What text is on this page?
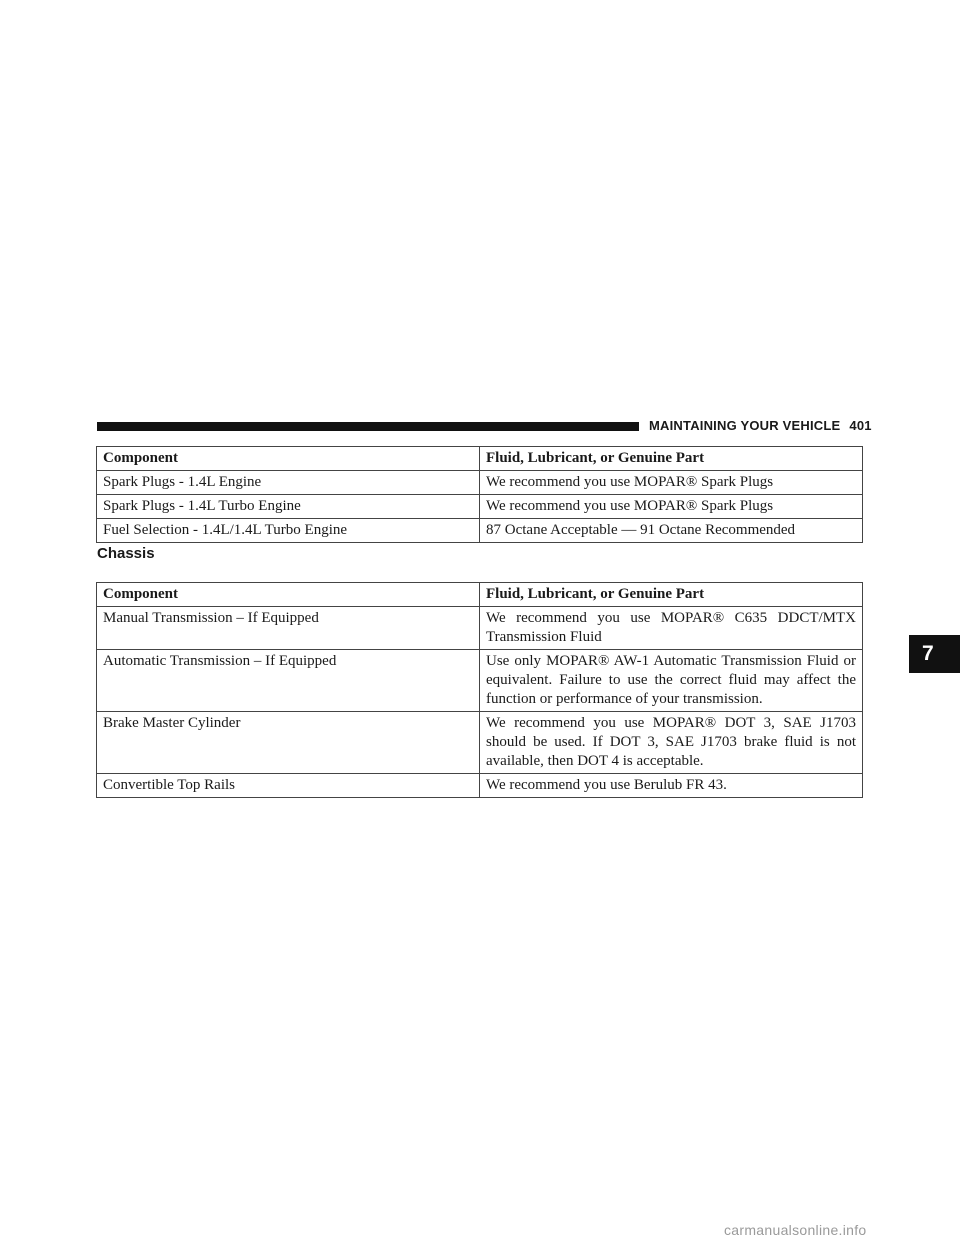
MAINTAINING YOUR VEHICLE 401
Component	Fluid, Lubricant, or Genuine Part
Spark Plugs - 1.4L Engine	We recommend you use MOPAR® Spark Plugs
Spark Plugs - 1.4L Turbo Engine	We recommend you use MOPAR® Spark Plugs
Fuel Selection - 1.4L/1.4L Turbo Engine	87 Octane Acceptable — 91 Octane Recommended
Chassis
Component	Fluid, Lubricant, or Genuine Part
Manual Transmission – If Equipped	We recommend you use MOPAR® C635 DDCT/MTX Transmission Fluid
Automatic Transmission – If Equipped	Use only MOPAR® AW-1 Automatic Transmission Fluid or equivalent. Failure to use the correct fluid may affect the function or performance of your transmission.
Brake Master Cylinder	We recommend you use MOPAR® DOT 3, SAE J1703 should be used. If DOT 3, SAE J1703 brake fluid is not available, then DOT 4 is acceptable.
Convertible Top Rails	We recommend you use Berulub FR 43.
7
carmanualsonline.info
